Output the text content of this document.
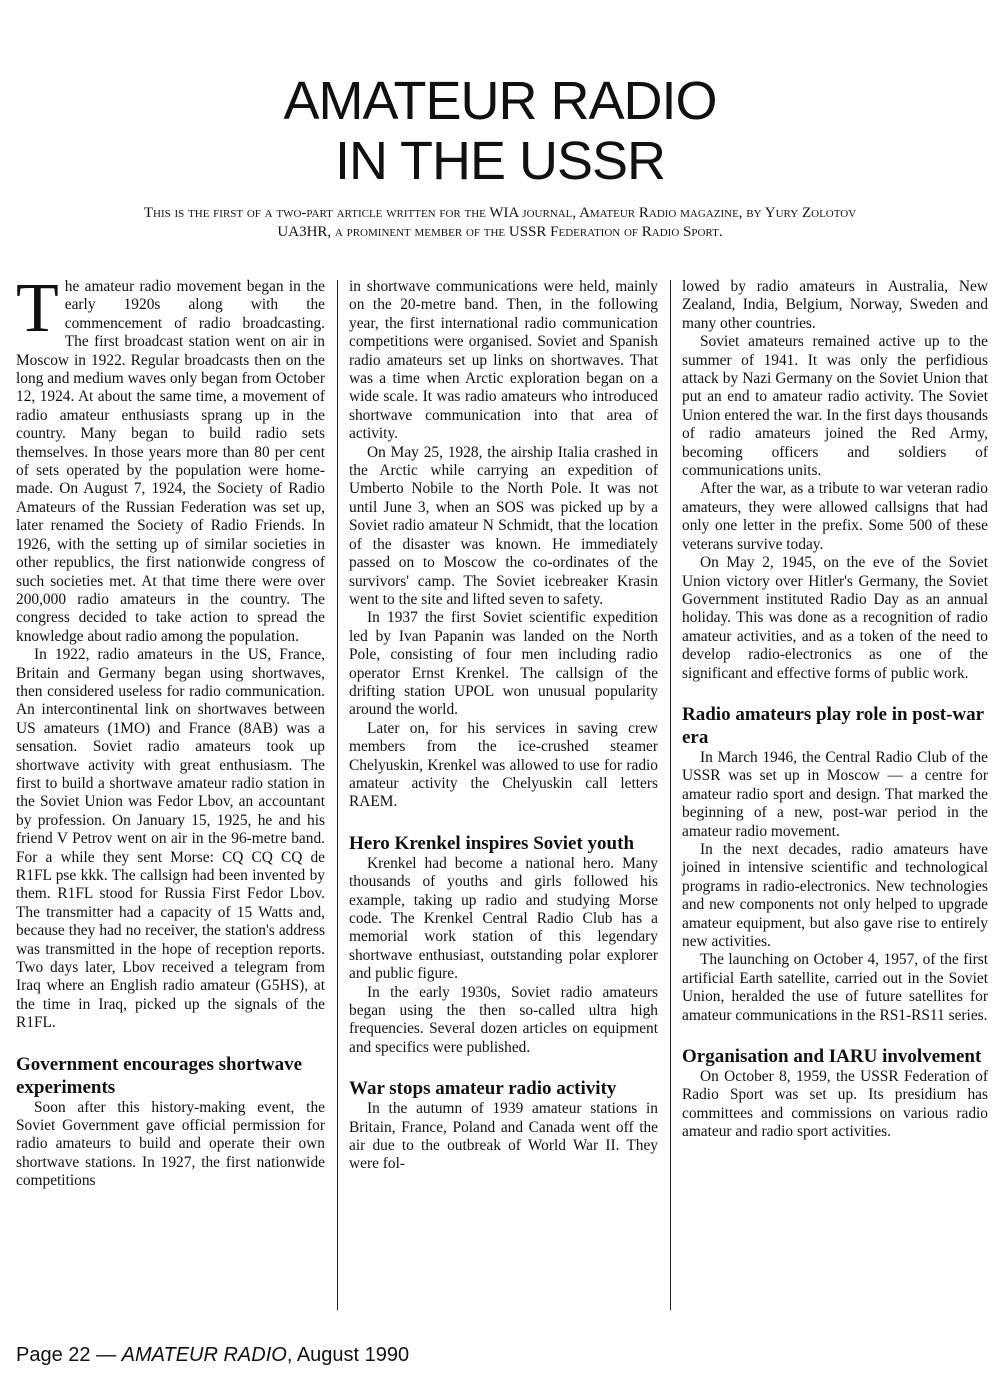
AMATEUR RADIO
IN THE USSR

This is the first of a two-part article written for the WIA journal, Amateur Radio magazine, by Yury Zolotov

UA3HR, a prominent member of the USSR Federation of Radio Sport.

The amateur radio movement began in the early 1920s along with the commencement of radio broadcasting. The first broadcast station went on air in Moscow in 1922. Regular broadcasts then on the long and medium waves only began from October 12, 1924. At about the same time, a movement of radio amateur enthusiasts sprang up in the country. Many began to build radio sets themselves. In those years more than 80 per cent of sets operated by the population were home-made. On August 7, 1924, the Society of Radio Amateurs of the Russian Federation was set up, later renamed the Society of Radio Friends. In 1926, with the setting up of similar societies in other republics, the first nationwide congress of such societies met. At that time there were over 200,000 radio amateurs in the country. The congress decided to take action to spread the knowledge about radio among the population.

In 1922, radio amateurs in the US, France, Britain and Germany began using shortwaves, then considered useless for radio communication. An intercontinental link on shortwaves between US amateurs (1MO) and France (8AB) was a sensation. Soviet radio amateurs took up shortwave activity with great enthusiasm. The first to build a shortwave amateur radio station in the Soviet Union was Fedor Lbov, an accountant by profession. On January 15, 1925, he and his friend V Petrov went on air in the 96-metre band. For a while they sent Morse: CQ CQ CQ de R1FL pse kkk. The callsign had been invented by them. R1FL stood for Russia First Fedor Lbov. The transmitter had a capacity of 15 Watts and, because they had no receiver, the station's address was transmitted in the hope of reception reports. Two days later, Lbov received a telegram from Iraq where an English radio amateur (G5HS), at the time in Iraq, picked up the signals of the R1FL.

Government encourages shortwave experiments

Soon after this history-making event, the Soviet Government gave official permission for radio amateurs to build and operate their own shortwave stations. In 1927, the first nationwide competitions

in shortwave communications were held, mainly on the 20-metre band. Then, in the following year, the first international radio communication competitions were organised. Soviet and Spanish radio amateurs set up links on shortwaves. That was a time when Arctic exploration began on a wide scale. It was radio amateurs who introduced shortwave communication into that area of activity.

On May 25, 1928, the airship Italia crashed in the Arctic while carrying an expedition of Umberto Nobile to the North Pole. It was not until June 3, when an SOS was picked up by a Soviet radio amateur N Schmidt, that the location of the disaster was known. He immediately passed on to Moscow the co-ordinates of the survivors' camp. The Soviet icebreaker Krasin went to the site and lifted seven to safety.

In 1937 the first Soviet scientific expedition led by Ivan Papanin was landed on the North Pole, consisting of four men including radio operator Ernst Krenkel. The callsign of the drifting station UPOL won unusual popularity around the world.

Later on, for his services in saving crew members from the ice-crushed steamer Chelyuskin, Krenkel was allowed to use for radio amateur activity the Chelyuskin call letters RAEM.

Hero Krenkel inspires Soviet youth

Krenkel had become a national hero. Many thousands of youths and girls followed his example, taking up radio and studying Morse code. The Krenkel Central Radio Club has a memorial work station of this legendary shortwave enthusiast, outstanding polar explorer and public figure.

In the early 1930s, Soviet radio amateurs began using the then so-called ultra high frequencies. Several dozen articles on equipment and specifics were published.

War stops amateur radio activity

In the autumn of 1939 amateur stations in Britain, France, Poland and Canada went off the air due to the outbreak of World War II. They were fol-

lowed by radio amateurs in Australia, New Zealand, India, Belgium, Norway, Sweden and many other countries.

Soviet amateurs remained active up to the summer of 1941. It was only the perfidious attack by Nazi Germany on the Soviet Union that put an end to amateur radio activity. The Soviet Union entered the war. In the first days thousands of radio amateurs joined the Red Army, becoming officers and soldiers of communications units.

After the war, as a tribute to war veteran radio amateurs, they were allowed callsigns that had only one letter in the prefix. Some 500 of these veterans survive today.

On May 2, 1945, on the eve of the Soviet Union victory over Hitler's Germany, the Soviet Government instituted Radio Day as an annual holiday. This was done as a recognition of radio amateur activities, and as a token of the need to develop radio-electronics as one of the significant and effective forms of public work.

Radio amateurs play role in post-war era

In March 1946, the Central Radio Club of the USSR was set up in Moscow — a centre for amateur radio sport and design. That marked the beginning of a new, post-war period in the amateur radio movement.

In the next decades, radio amateurs have joined in intensive scientific and technological programs in radio-electronics. New technologies and new components not only helped to upgrade amateur equipment, but also gave rise to entirely new activities.

The launching on October 4, 1957, of the first artificial Earth satellite, carried out in the Soviet Union, heralded the use of future satellites for amateur communications in the RS1-RS11 series.

Organisation and IARU involvement

On October 8, 1959, the USSR Federation of Radio Sport was set up. Its presidium has committees and commissions on various radio amateur and radio sport activities.

Page 22 — AMATEUR RADIO, August 1990
